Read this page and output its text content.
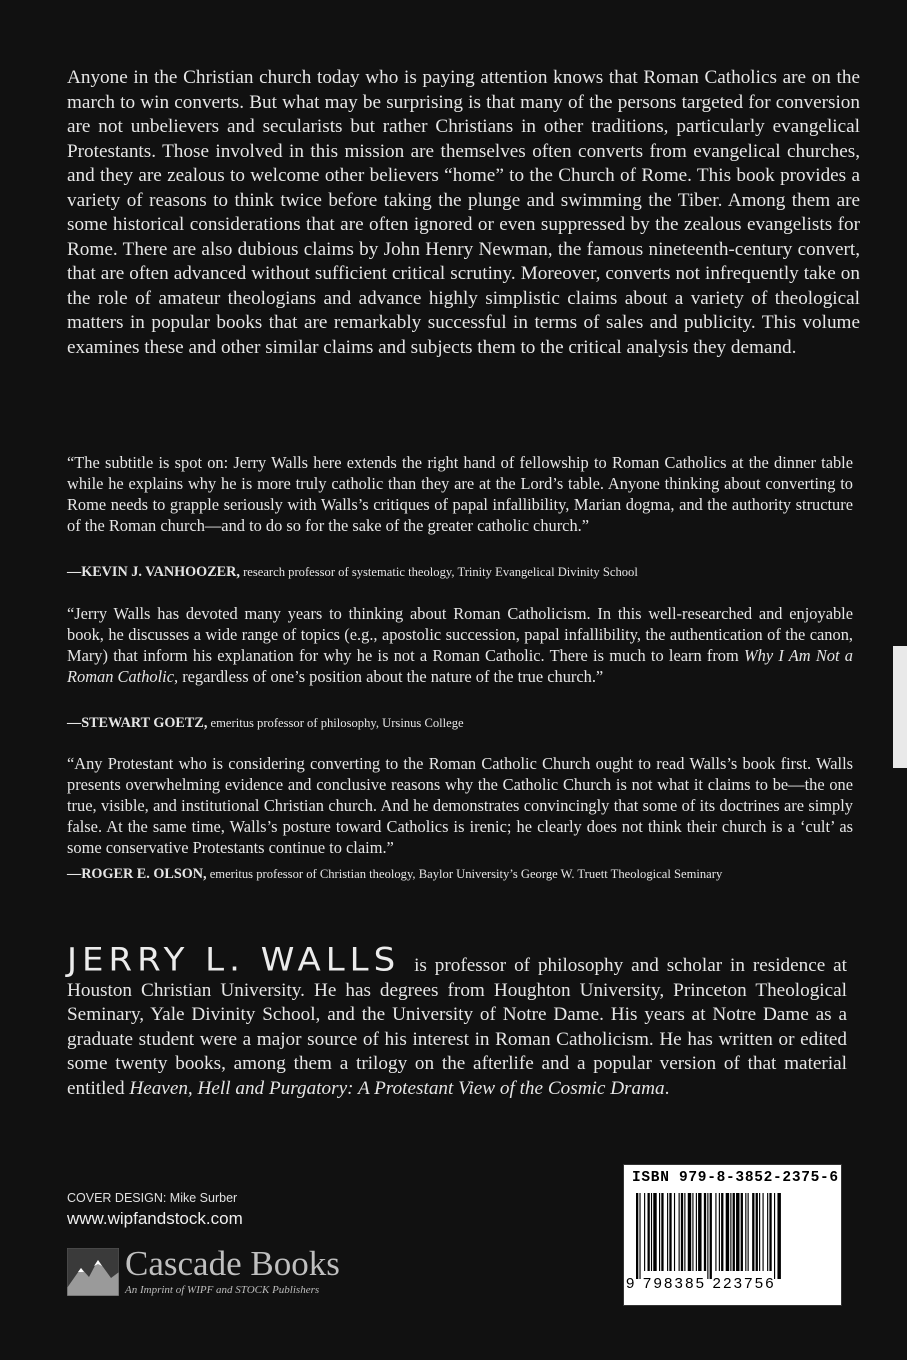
Anyone in the Christian church today who is paying attention knows that Roman Catholics are on the march to win converts. But what may be surprising is that many of the persons targeted for conversion are not unbelievers and secularists but rather Christians in other traditions, particularly evangelical Protestants. Those involved in this mission are themselves often converts from evangelical churches, and they are zealous to welcome other believers “home” to the Church of Rome. This book provides a variety of reasons to think twice before taking the plunge and swimming the Tiber. Among them are some historical considerations that are often ignored or even suppressed by the zealous evangelists for Rome. There are also dubious claims by John Henry Newman, the famous nineteenth-century convert, that are often advanced without sufficient critical scrutiny. Moreover, converts not infrequently take on the role of amateur theologians and advance highly simplistic claims about a variety of theological matters in popular books that are remarkably successful in terms of sales and publicity. This volume examines these and other similar claims and subjects them to the critical analysis they demand.

“The subtitle is spot on: Jerry Walls here extends the right hand of fellowship to Roman Catholics at the dinner table while he explains why he is more truly catholic than they are at the Lord’s table. Anyone thinking about converting to Rome needs to grapple seriously with Walls’s critiques of papal infallibility, Marian dogma, and the authority structure of the Roman church—and to do so for the sake of the greater catholic church.”

—KEVIN J. VANHOOZER, research professor of systematic theology, Trinity Evangelical Divinity School

“Jerry Walls has devoted many years to thinking about Roman Catholicism. In this well-researched and enjoyable book, he discusses a wide range of topics (e.g., apostolic succession, papal infallibility, the authentication of the canon, Mary) that inform his explanation for why he is not a Roman Catholic. There is much to learn from Why I Am Not a Roman Catholic, regardless of one’s position about the nature of the true church.”

—STEWART GOETZ, emeritus professor of philosophy, Ursinus College

“Any Protestant who is considering converting to the Roman Catholic Church ought to read Walls’s book first. Walls presents overwhelming evidence and conclusive reasons why the Catholic Church is not what it claims to be—the one true, visible, and institutional Christian church. And he demonstrates convincingly that some of its doctrines are simply false. At the same time, Walls’s posture toward Catholics is irenic; he clearly does not think their church is a ‘cult’ as some conservative Protestants continue to claim.”

—ROGER E. OLSON, emeritus professor of Christian theology, Baylor University’s George W. Truett Theological Seminary

JERRY L. WALLS is professor of philosophy and scholar in residence at Houston Christian University. He has degrees from Houghton University, Princeton Theological Seminary, Yale Divinity School, and the University of Notre Dame. His years at Notre Dame as a graduate student were a major source of his interest in Roman Catholicism. He has written or edited some twenty books, among them a trilogy on the afterlife and a popular version of that material entitled Heaven, Hell and Purgatory: A Protestant View of the Cosmic Drama.

COVER DESIGN: Mike Surber
www.wipfandstock.com
Cascade Books
An Imprint of WIPF and STOCK Publishers
ISBN 979-8-3852-2375-6
9 798385 223756
